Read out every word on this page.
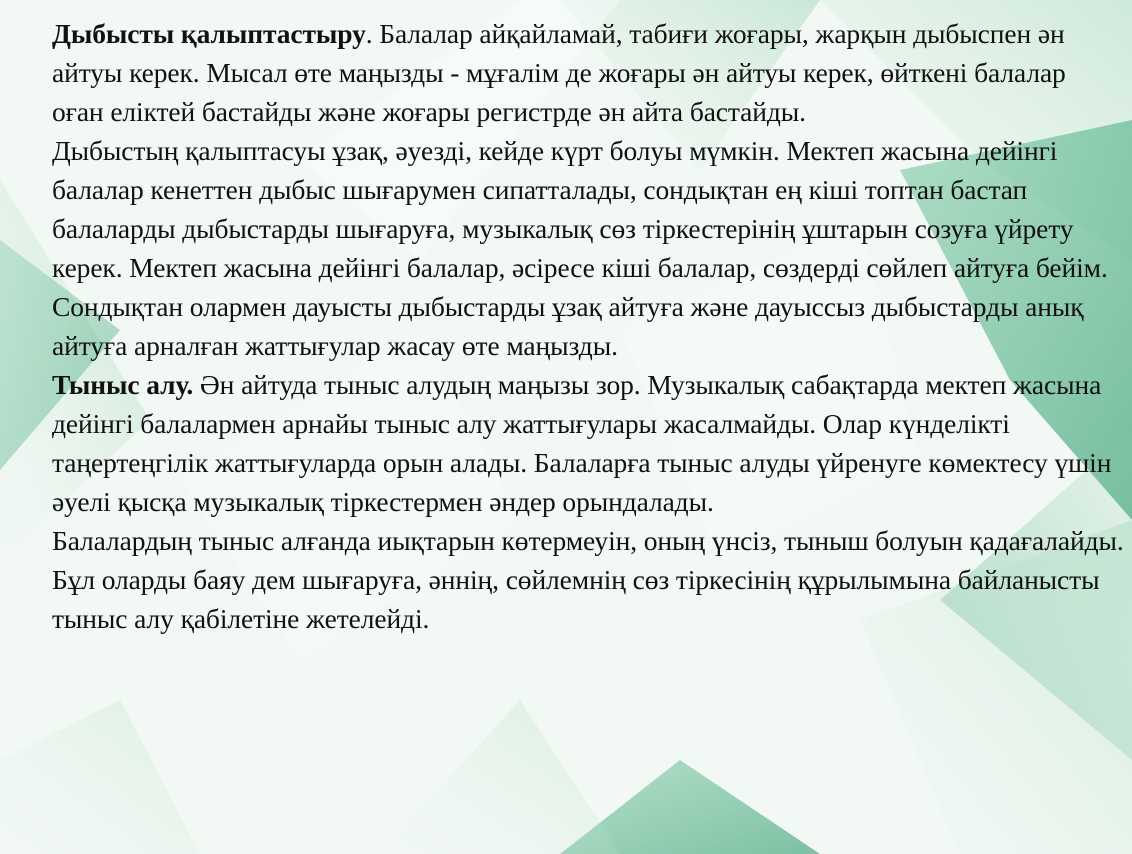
Дыбысты қалыптастыру. Балалар айқайламай, табиғи жоғары, жарқын дыбыспен ән айтуы керек. Мысал өте маңызды - мұғалім де жоғары ән айтуы керек, өйткені балалар оған еліктей бастайды және жоғары регистрде ән айта бастайды.

Дыбыстың қалыптасуы ұзақ, әуезді, кейде күрт болуы мүмкін. Мектеп жасына дейінгі балалар кенеттен дыбыс шығарумен сипатталады, сондықтан ең кіші топтан бастап балаларды дыбыстарды шығаруға, музыкалық сөз тіркестерінің ұштарын созуға үйрету керек. Мектеп жасына дейінгі балалар, әсіресе кіші балалар, сөздерді сөйлеп айтуға бейім. Сондықтан олармен дауысты дыбыстарды ұзақ айтуға және дауыссыз дыбыстарды анық айтуға арналған жаттығулар жасау өте маңызды.

Тыныс алу. Ән айтуда тыныс алудың маңызы зор. Музыкалық сабақтарда мектеп жасына дейінгі балалармен арнайы тыныс алу жаттығулары жасалмайды. Олар күнделікті таңертеңгілік жаттығуларда орын алады. Балаларға тыныс алуды үйренуге көмектесу үшін әуелі қысқа музыкалық тіркестермен әндер орындалады.

Балалардың тыныс алғанда иықтарын көтермеуін, оның үнсіз, тыныш болуын қадағалайды. Бұл оларды баяу дем шығаруға, әннің, сөйлемнің сөз тіркесінің құрылымына байланысты тыныс алу қабілетіне жетелейді.
